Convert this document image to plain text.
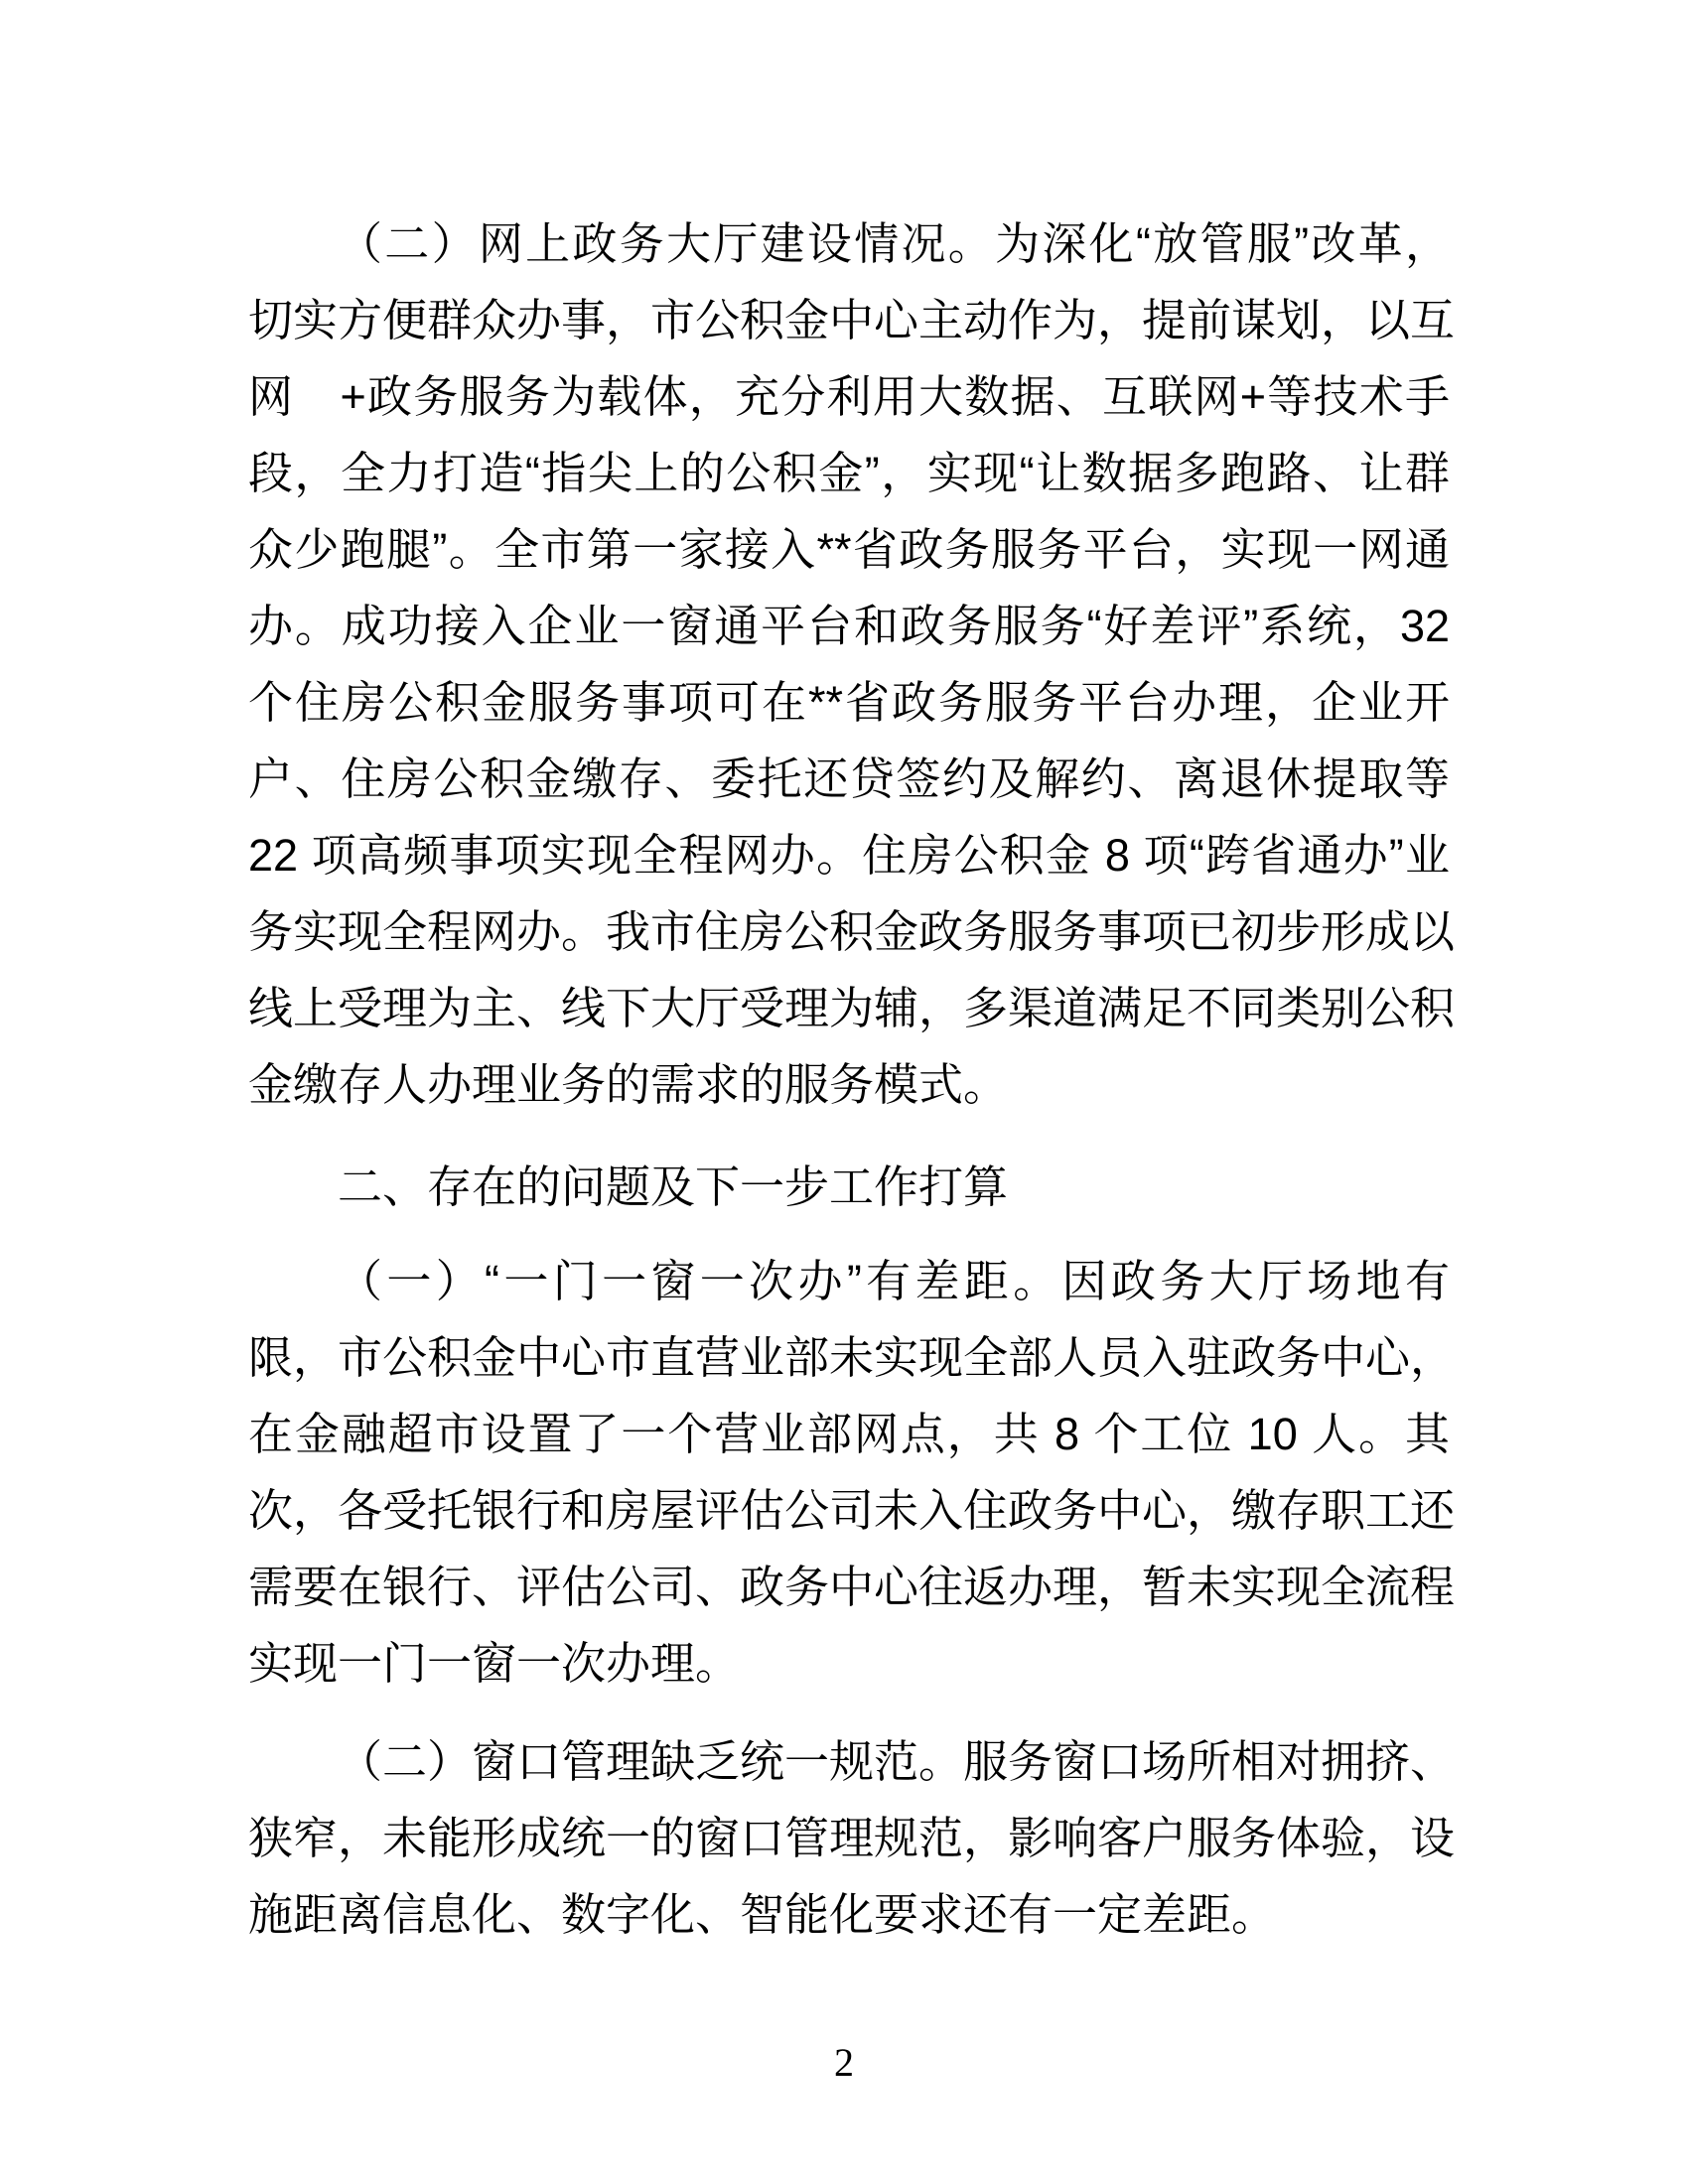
（二）网上政务大厅建设情况。为深化“放管服”改革，
切实方便群众办事，市公积金中心主动作为，提前谋划，以互
网　+政务服务为载体，充分利用大数据、互联网+等技术手
段，全力打造“指尖上的公积金”，实现“让数据多跑路、让群
众少跑腿”。全市第一家接入**省政务服务平台，实现一网通
办。成功接入企业一窗通平台和政务服务“好差评”系统，32
个住房公积金服务事项可在**省政务服务平台办理，企业开
户、住房公积金缴存、委托还贷签约及解约、离退休提取等
22 项高频事项实现全程网办。住房公积金 8 项“跨省通办”业
务实现全程网办。我市住房公积金政务服务事项已初步形成以
线上受理为主、线下大厅受理为辅，多渠道满足不同类别公积
金缴存人办理业务的需求的服务模式。
二、存在的问题及下一步工作打算
（一）“一门一窗一次办”有差距。因政务大厅场地有
限，市公积金中心市直营业部未实现全部人员入驻政务中心，
在金融超市设置了一个营业部网点，共 8 个工位 10 人。其
次，各受托银行和房屋评估公司未入住政务中心，缴存职工还
需要在银行、评估公司、政务中心往返办理，暂未实现全流程
实现一门一窗一次办理。
（二）窗口管理缺乏统一规范。服务窗口场所相对拥挤、
狭窄，未能形成统一的窗口管理规范，影响客户服务体验，设
施距离信息化、数字化、智能化要求还有一定差距。
2
